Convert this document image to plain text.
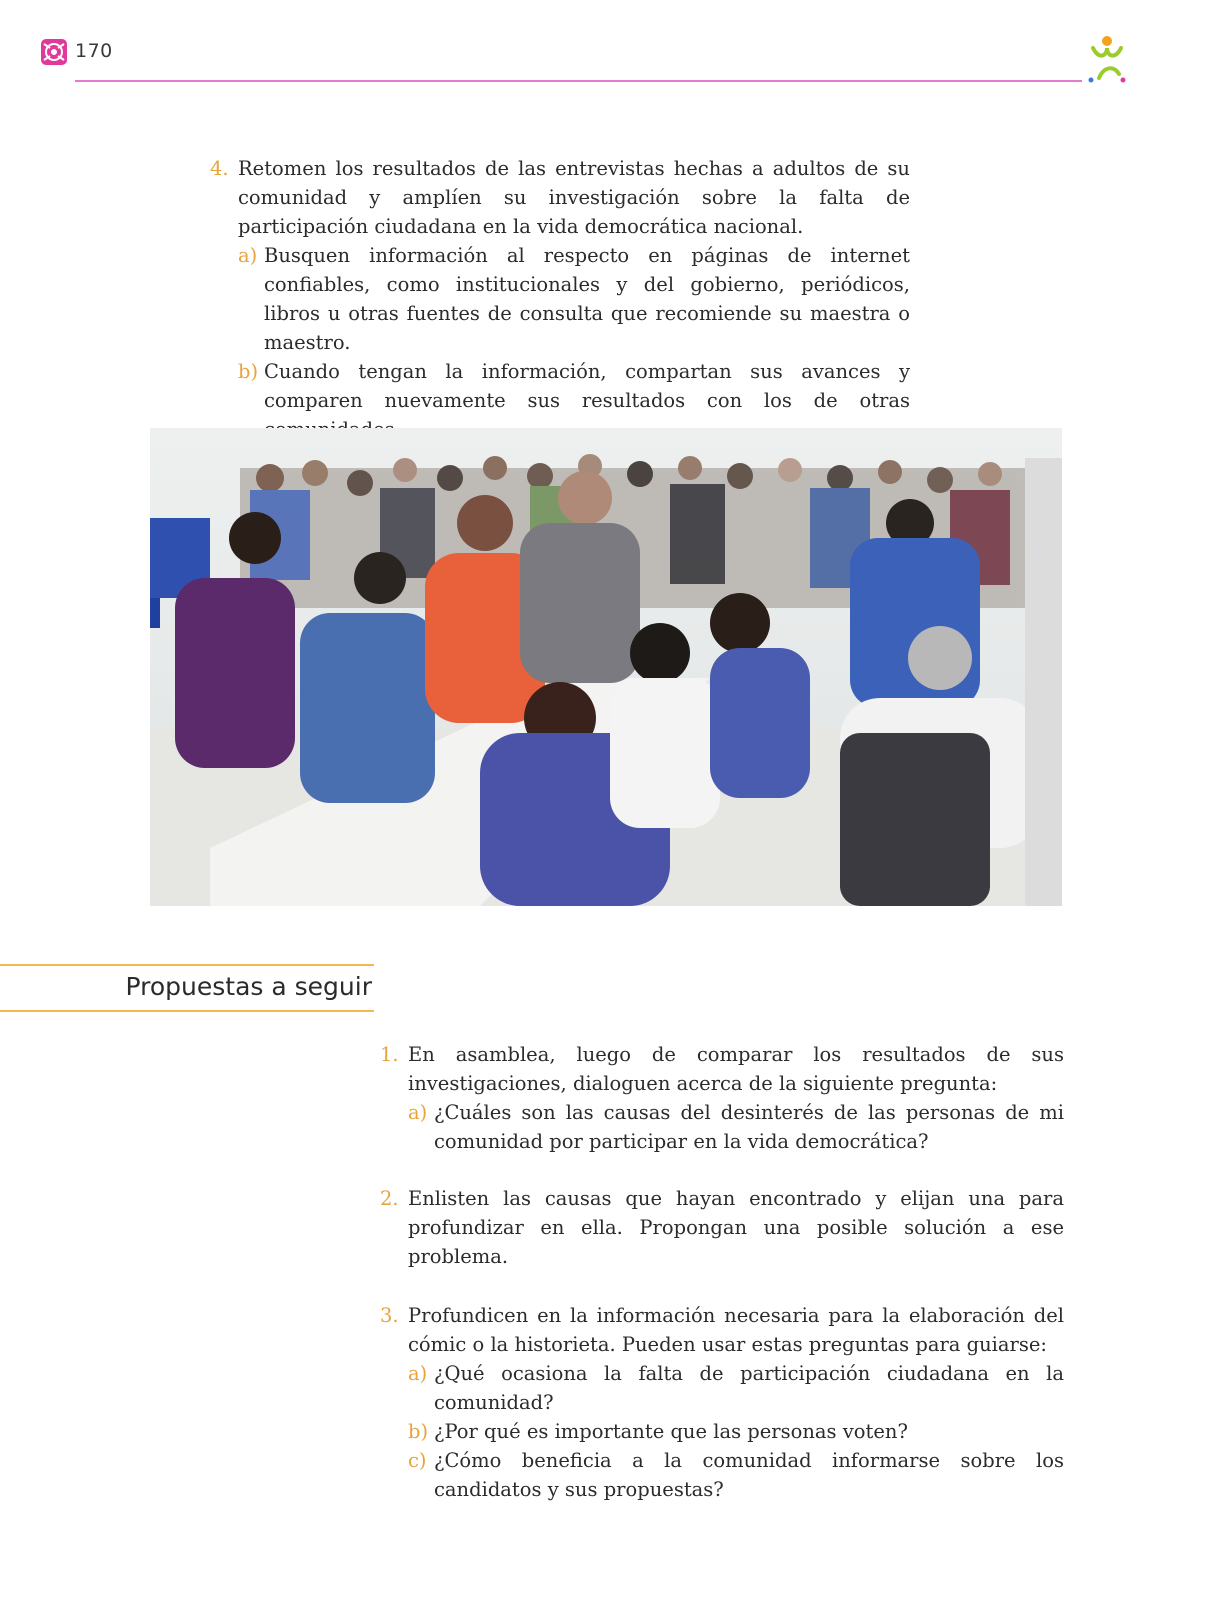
170
4. Retomen los resultados de las entrevistas hechas a adultos de su comunidad y amplíen su investigación sobre la falta de participación ciudadana en la vida democrática nacional.
a) Busquen información al respecto en páginas de internet confiables, como institucionales y del gobierno, periódicos, libros u otras fuentes de consulta que recomiende su maestra o maestro.
b) Cuando tengan la información, compartan sus avances y comparen nuevamente sus resultados con los de otras
Propuestas a seguir
1. En asamblea, luego de comparar los resultados de sus investigaciones, dialoguen acerca de la siguiente pregunta:
a) ¿Cuáles son las causas del desinterés de las personas de mi comunidad por participar en la vida democrática?
2. Enlisten las causas que hayan encontrado y elijan una para profundizar en ella. Propongan una posible solución a ese problema.
3. Profundicen en la información necesaria para la elaboración del cómic o la historieta. Pueden usar estas preguntas para guiarse:
a) ¿Qué ocasiona la falta de participación ciudadana en la comunidad?
b) ¿Por qué es importante que las personas voten?
c) ¿Cómo beneficia a la comunidad informarse sobre los candidatos y sus propuestas?
